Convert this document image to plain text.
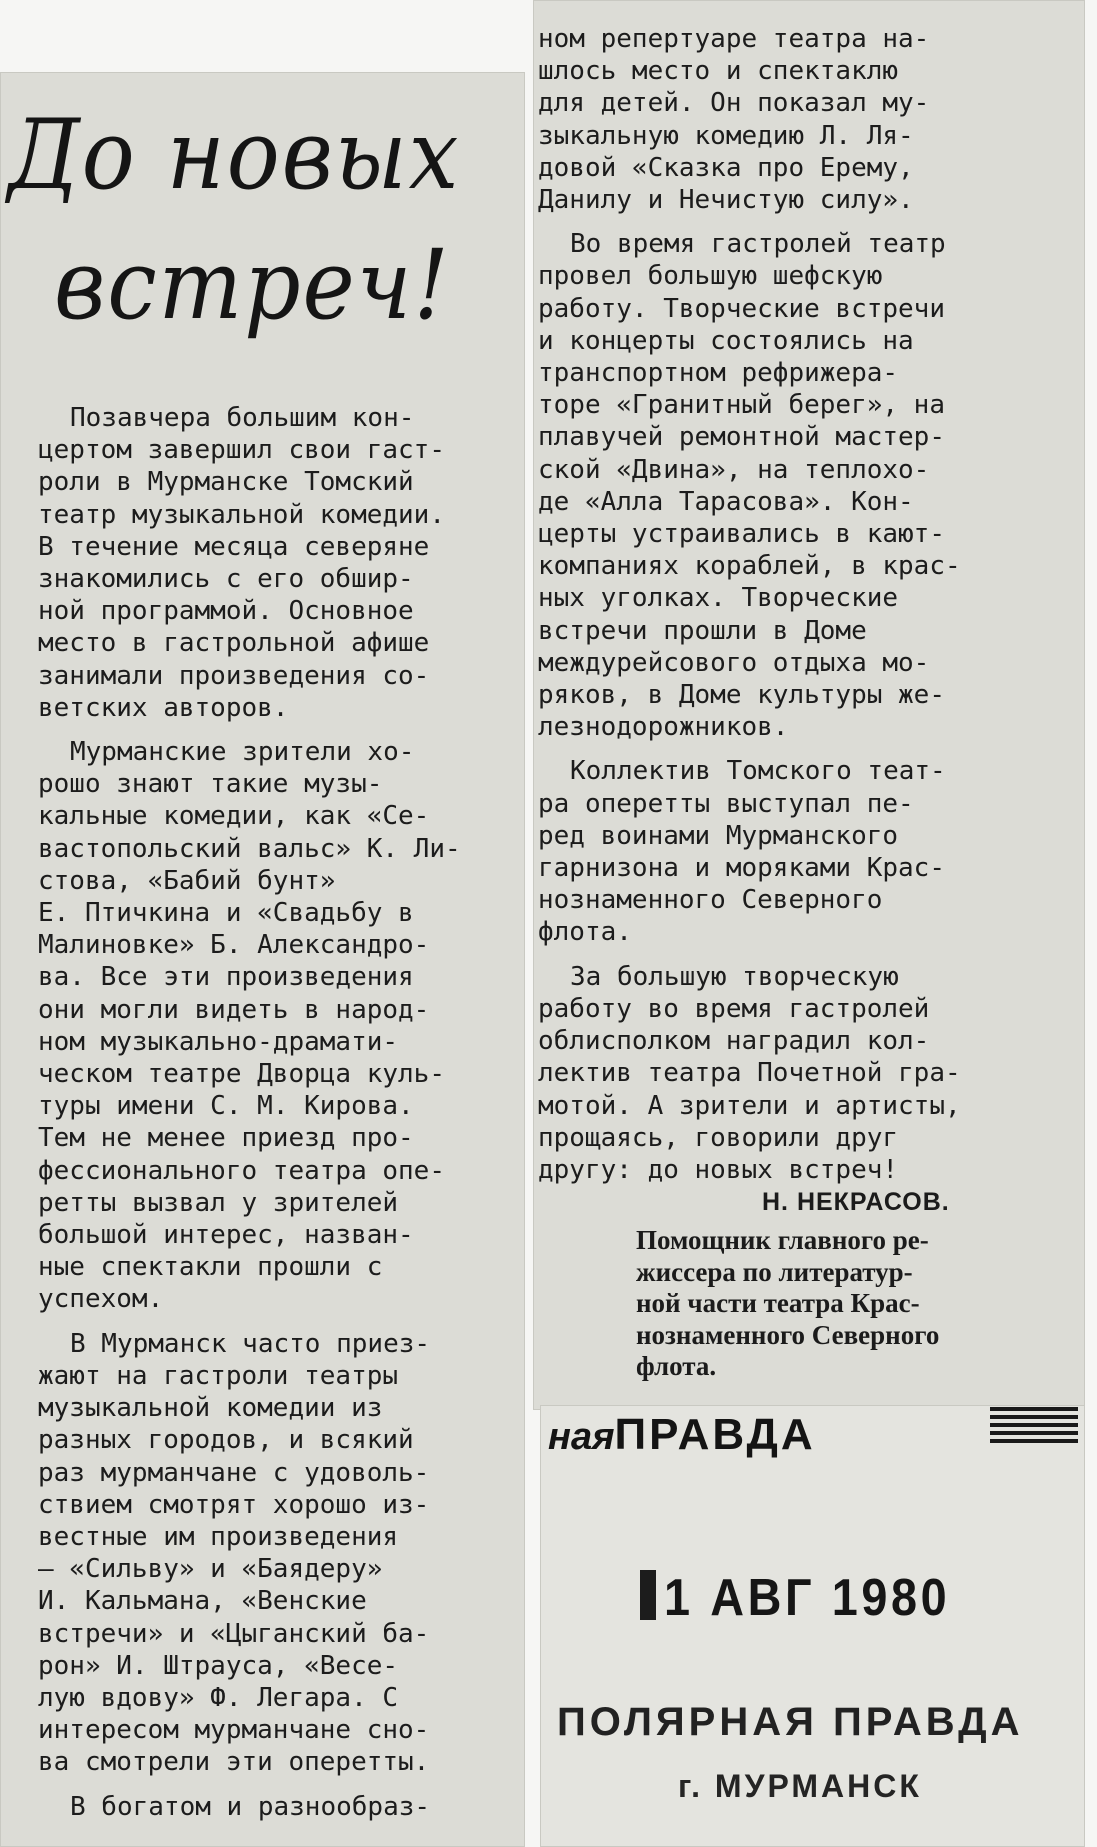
До новых
встреч!

Позавчера большим кон-
цертом завершил свои гаст-
роли в Мурманске Томский
театр музыкальной комедии.
В течение месяца северяне
знакомились с его обшир-
ной программой. Основное
место в гастрольной афише
занимали произведения со-
ветских авторов.

Мурманские зрители хо-
рошо знают такие музы-
кальные комедии, как «Се-
вастопольский вальс» К. Ли-
стова, «Бабий бунт»
Е. Птичкина и «Свадьбу в
Малиновке» Б. Александро-
ва. Все эти произведения
они могли видеть в народ-
ном музыкально-драмати-
ческом театре Дворца куль-
туры имени С. М. Кирова.
Тем не менее приезд про-
фессионального театра опе-
ретты вызвал у зрителей
большой интерес, назван-
ные спектакли прошли с
успехом.

В Мурманск часто приез-
жают на гастроли театры
музыкальной комедии из
разных городов, и всякий
раз мурманчане с удоволь-
ствием смотрят хорошо из-
вестные им произведения
— «Сильву» и «Баядеру»
И. Кальмана, «Венские
встречи» и «Цыганский ба-
рон» И. Штрауса, «Весе-
лую вдову» Ф. Легара. С
интересом мурманчане сно-
ва смотрели эти оперетты.

В богатом и разнообраз-

ном репертуаре театра на-
шлось место и спектаклю
для детей. Он показал му-
зыкальную комедию Л. Ля-
довой «Сказка про Ерему,
Данилу и Нечистую силу».

Во время гастролей театр
провел большую шефскую
работу. Творческие встречи
и концерты состоялись на
транспортном рефрижера-
торе «Гранитный берег», на
плавучей ремонтной мастер-
ской «Двина», на теплохо-
де «Алла Тарасова». Кон-
церты устраивались в кают-
компаниях кораблей, в крас-
ных уголках. Творческие
встречи прошли в Доме
междурейсового отдыха мо-
ряков, в Доме культуры же-
лезнодорожников.

Коллектив Томского теат-
ра оперетты выступал пе-
ред воинами Мурманского
гарнизона и моряками Крас-
нознаменного Северного
флота.

За большую творческую
работу во время гастролей
облисполком наградил кол-
лектив театра Почетной гра-
мотой. А зрители и артисты,
прощаясь, говорили друг
другу: до новых встреч!

Н. НЕКРАСОВ.
Помощник главного ре-
жиссера по литератур-
ной части театра Крас-
нознаменного Северного
флота.
наяПРАВДА
1 АВГ 1980
ПОЛЯРНАЯ ПРАВДА
г. МУРМАНСК
